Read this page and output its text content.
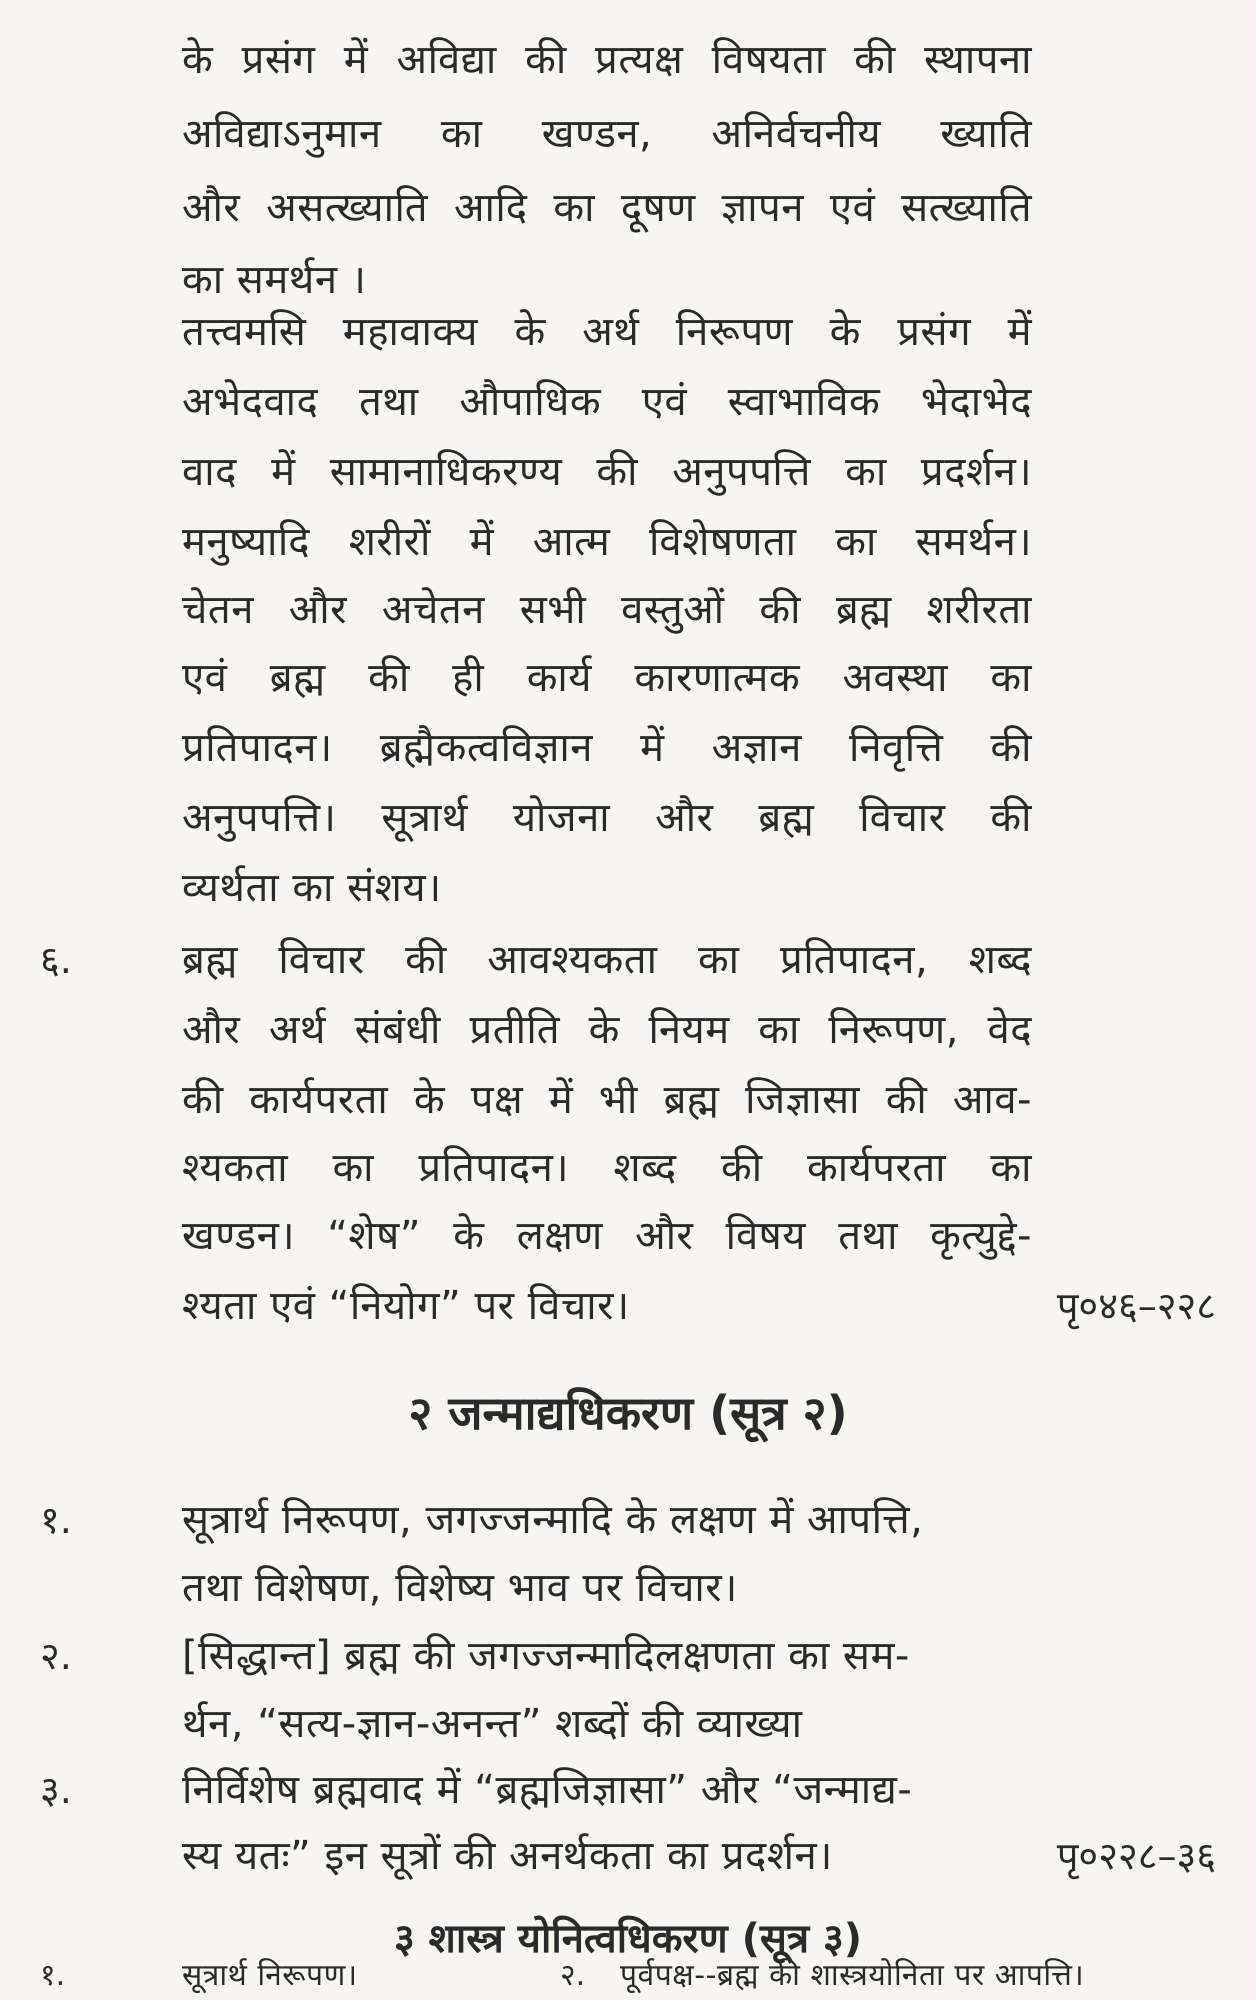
के प्रसंग में अविद्या की प्रत्यक्ष विषयता की स्थापना
अविद्याऽनुमान का खण्डन, अनिर्वचनीय ख्याति
और असत्ख्याति आदि का दूषण ज्ञापन एवं सत्ख्याति
का समर्थन ।
तत्त्वमसि महावाक्य के अर्थ निरूपण के प्रसंग में
अभेदवाद तथा औपाधिक एवं स्वाभाविक भेदाभेद
वाद में सामानाधिकरण्य की अनुपपत्ति का प्रदर्शन।
मनुष्यादि शरीरों में आत्म विशेषणता का समर्थन।
चेतन और अचेतन सभी वस्तुओं की ब्रह्म शरीरता
एवं ब्रह्म की ही कार्य कारणात्मक अवस्था का
प्रतिपादन। ब्रह्मैकत्वविज्ञान में अज्ञान निवृत्ति की
अनुपपत्ति। सूत्रार्थ योजना और ब्रह्म विचार की
व्यर्थता का संशय।
६.	ब्रह्म विचार की आवश्यकता का प्रतिपादन, शब्द
और अर्थ संबंधी प्रतीति के नियम का निरूपण, वेद
की कार्यपरता के पक्ष में भी ब्रह्म जिज्ञासा की आव-
श्यकता का प्रतिपादन। शब्द की कार्यपरता का
खण्डन। “शेष” के लक्षण और विषय तथा कृत्युद्दे-
श्यता एवं “नियोग” पर विचार।	पृ०४६–२२८
२ जन्माद्यधिकरण (सूत्र २)
१.	सूत्रार्थ निरूपण, जगज्जन्मादि के लक्षण में आपत्ति,
तथा विशेषण, विशेष्य भाव पर विचार।
२.	[सिद्धान्त] ब्रह्म की जगज्जन्मादिलक्षणता का सम-
र्थन, “सत्य-ज्ञान-अनन्त” शब्दों की व्याख्या
३.	निर्विशेष ब्रह्मवाद में “ब्रह्मजिज्ञासा” और “जन्माद्य-
स्य यतः” इन सूत्रों की अनर्थकता का प्रदर्शन।	पृ०२२८–३६
३ शास्त्र योनित्वधिकरण (सूत्र ३)
१.	सूत्रार्थ निरूपण।	२. पूर्वपक्ष--ब्रह्म की शास्त्रयोनिता पर आपत्ति।
